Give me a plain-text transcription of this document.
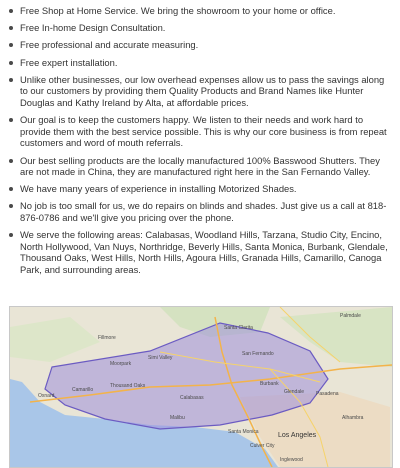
Free Shop at Home Service. We bring the showroom to your home or office.
Free In-home Design Consultation.
Free professional and accurate measuring.
Free expert installation.
Unlike other businesses, our low overhead expenses allow us to pass the savings along to our customers by providing them Quality Products and Brand Names like Hunter Douglas and Kathy Ireland by Alta, at affordable prices.
Our goal is to keep the customers happy. We listen to their needs and work hard to provide them with the best service possible. This is why our core business is from repeat customers and word of mouth referrals.
Our best selling products are the locally manufactured 100% Basswood Shutters. They are not made in China, they are manufactured right here in the San Fernando Valley.
We have many years of experience in installing Motorized Shades.
No job is too small for us, we do repairs on blinds and shades. Just give us a call at 818-876-0786 and we'll give you pricing over the phone.
We serve the following areas: Calabasas, Woodland Hills, Tarzana, Studio City, Encino, North Hollywood, Van Nuys, Northridge, Beverly Hills, Santa Monica, Burbank, Glendale, Thousand Oaks, West Hills, North Hills, Agoura Hills, Granada Hills, Camarillo, Canoga Park, and surrounding areas.
Santa Clarita
Simi Valley
Moorpark
Fillmore
Oxnard
Camarillo
Thousand Oaks
San Fernando
Burbank
Glendale Pasadena
Los Angeles
Santa Monica
Malibu
Calabasas
Culver City
Inglewood
Palmdale
Alhambra
